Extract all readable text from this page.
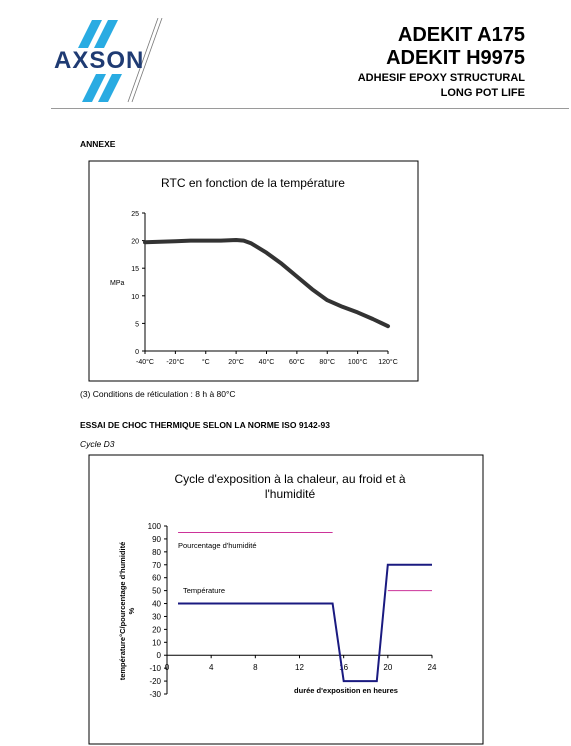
AXSON
ADEKIT A175
ADEKIT H9975
ADHESIF EPOXY STRUCTURAL
LONG POT LIFE
ANNEXE
(3) Conditions de réticulation : 8 h à 80°C
ESSAI DE CHOC THERMIQUE SELON LA NORME ISO 9142-93
Cycle D3
RTC en fonction de la température
MPa
0
5
10
15
20
25
-40°C -20°C °C	20°C 40°C 60°C 80°C 100°C 120°C
Cycle d'exposition à la chaleur, au froid et à
l'humidité
température°C/pourcentage d'humidité %
durée d'exposition en heures
-30
-20
-10
0
10
20
30
40
50
60
70
80
90
100
0	4	8	12	16	20	24
Pourcentage d'humidité
Température
